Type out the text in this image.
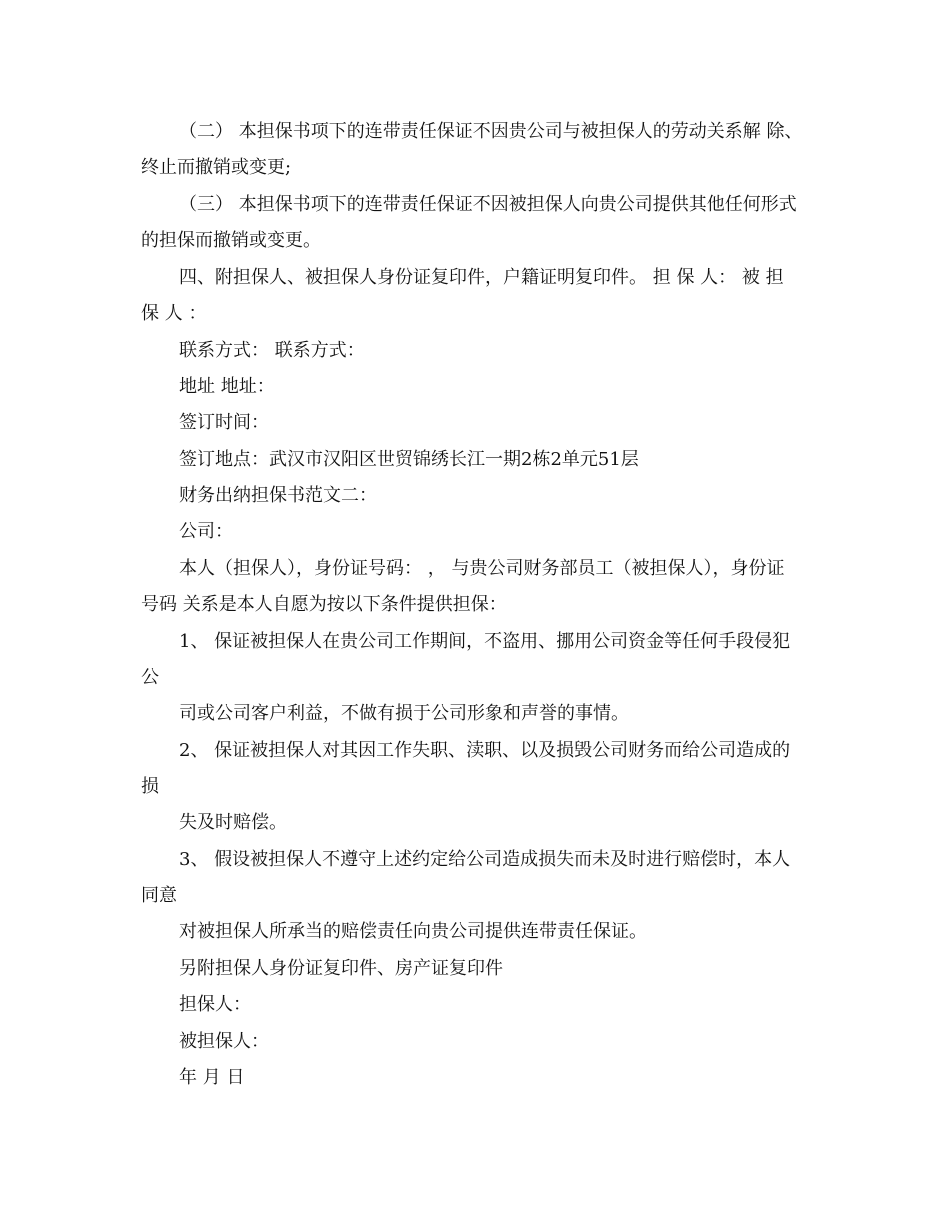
（二） 本担保书项下的连带责任保证不因贵公司与被担保人的劳动关系解 除、
终止而撤销或变更;
（三） 本担保书项下的连带责任保证不因被担保人向贵公司提供其他任何形式
的担保而撤销或变更。
四、附担保人、被担保人身份证复印件，户籍证明复印件。 担 保 人： 被 担
保 人 ：
联系方式： 联系方式：
地址 地址：
签订时间：
签订地点：武汉市汉阳区世贸锦绣长江一期2栋2单元51层
财务出纳担保书范文二：
公司：
本人（担保人），身份证号码： ， 与贵公司财务部员工（被担保人），身份证
号码 关系是本人自愿为按以下条件提供担保：
1、 保证被担保人在贵公司工作期间，不盗用、挪用公司资金等任何手段侵犯
公
司或公司客户利益，不做有损于公司形象和声誉的事情。
2、 保证被担保人对其因工作失职、渎职、以及损毁公司财务而给公司造成的
损
失及时赔偿。
3、 假设被担保人不遵守上述约定给公司造成损失而未及时进行赔偿时，本人
同意
对被担保人所承当的赔偿责任向贵公司提供连带责任保证。
另附担保人身份证复印件、房产证复印件
担保人：
被担保人：
年 月 日
